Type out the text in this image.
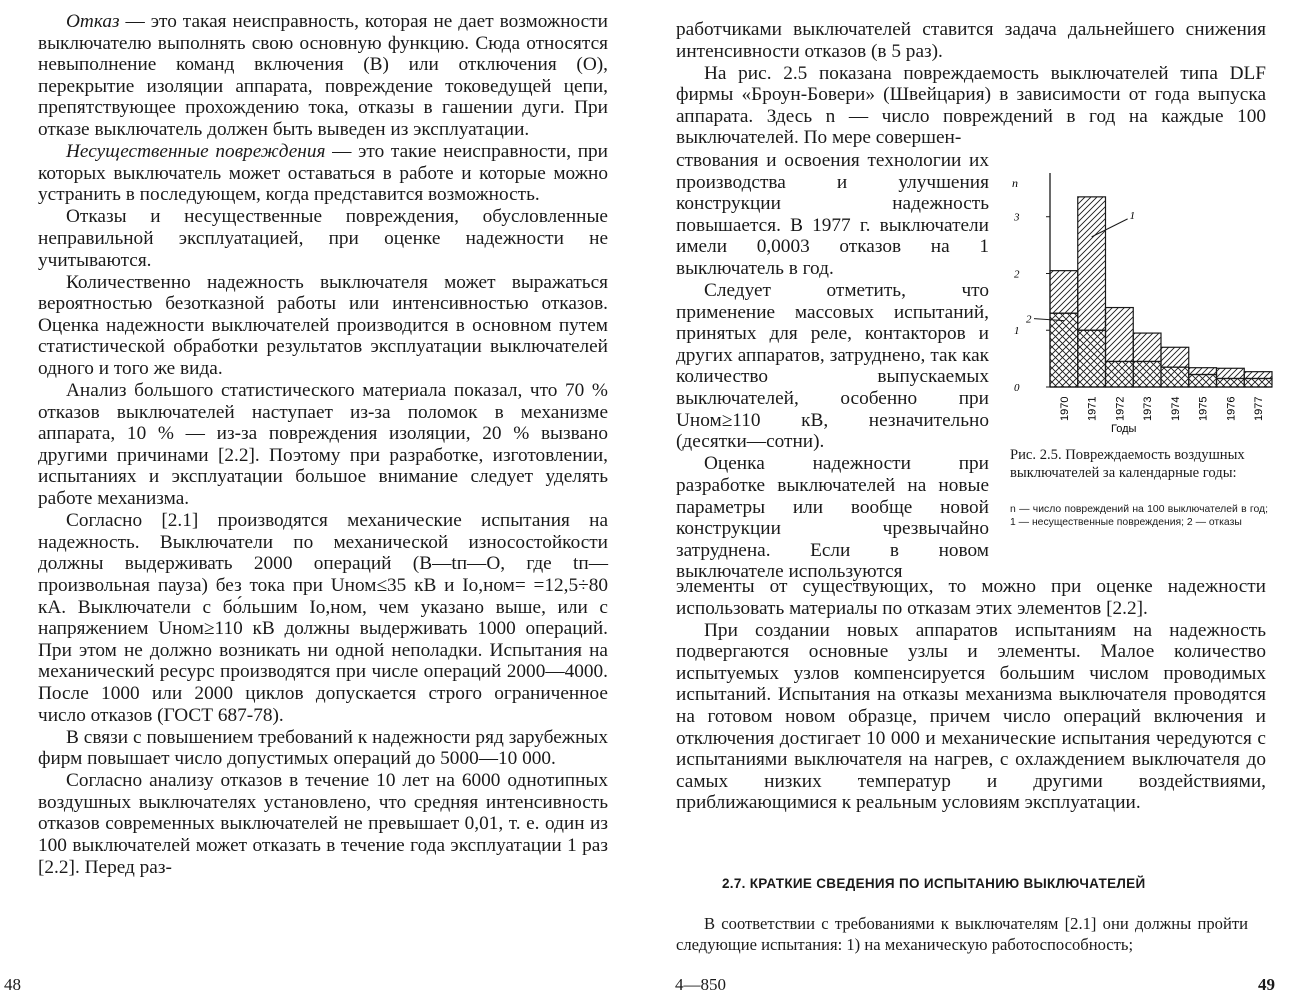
Отказ — это такая неисправность, которая не дает возможности выключателю выполнять свою основную функцию. Сюда относятся невыполнение команд включения (В) или отключения (О), перекрытие изоляции аппарата, повреждение токоведущей цепи, препятствующее прохождению тока, отказы в гашении дуги. При отказе выключатель должен быть выведен из эксплуатации.

Несущественные повреждения — это такие неисправности, при которых выключатель может оставаться в работе и которые можно устранить в последующем, когда представится возможность.

Отказы и несущественные повреждения, обусловленные неправильной эксплуатацией, при оценке надежности не учитываются.

Количественно надежность выключателя может выражаться вероятностью безотказной работы или интенсивностью отказов. Оценка надежности выключателей производится в основном путем статистической обработки результатов эксплуатации выключателей одного и того же вида.

Анализ большого статистического материала показал, что 70 % отказов выключателей наступает из-за поломок в механизме аппарата, 10 % — из-за повреждения изоляции, 20 % вызвано другими причинами [2.2]. Поэтому при разработке, изготовлении, испытаниях и эксплуатации большое внимание следует уделять работе механизма.

Согласно [2.1] производятся механические испытания на надежность. Выключатели по механической износостойкости должны выдерживать 2000 операций (В—tп—О, где tп— произвольная пауза) без тока при Uном≤35 кВ и Iо,ном= =12,5÷80 кА. Выключатели с бо́льшим Iо,ном, чем указано выше, или с напряжением Uном≥110 кВ должны выдерживать 1000 операций. При этом не должно возникать ни одной неполадки. Испытания на механический ресурс производятся при числе операций 2000—4000. После 1000 или 2000 циклов допускается строго ограниченное число отказов (ГОСТ 687-78).

В связи с повышением требований к надежности ряд зарубежных фирм повышает число допустимых операций до 5000—10 000.

Согласно анализу отказов в течение 10 лет на 6000 однотипных воздушных выключателях установлено, что средняя интенсивность отказов современных выключателей не превышает 0,01, т. е. один из 100 выключателей может отказать в течение года эксплуатации 1 раз [2.2]. Перед раз-

48

работчиками выключателей ставится задача дальнейшего снижения интенсивности отказов (в 5 раз).

На рис. 2.5 показана повреждаемость выключателей типа DLF фирмы «Броун-Бовери» (Швейцария) в зависимости от года выпуска аппарата. Здесь n — число повреждений в год на каждые 100 выключателей. По мере совершен-

ствования и освоения технологии их производства и улучшения конструкции надежность повышается. В 1977 г. выключатели имели 0,0003 отказов на 1 выключатель в год.

Следует отметить, что применение массовых испытаний, принятых для реле, контакторов и других аппаратов, затруднено, так как количество выпускаемых выключателей, особенно при Uном≥110 кВ, незначительно (десятки—сотни).

Оценка надежности при разработке выключателей на новые параметры или вообще новой конструкции чрезвычайно затруднена. Если в новом выключателе используются

элементы от существующих, то можно при оценке надежности использовать материалы по отказам этих элементов [2.2].

При создании новых аппаратов испытаниям на надежность подвергаются основные узлы и элементы. Малое количество испытуемых узлов компенсируется большим числом проводимых испытаний. Испытания на отказы механизма выключателя проводятся на готовом новом образце, причем число операций включения и отключения достигает 10 000 и механические испытания чередуются с испытаниями выключателя на нагрев, с охлаждением выключателя до самых низких температур и другими воздействиями, приближающимися к реальным условиям эксплуатации.

1970 1971 1972 1973 1974 1975 1976 1977
0
1
2
3
n
Годы
1
2

Рис. 2.5. Повреждаемость воздушных выключателей за календарные годы:

n — число повреждений на 100 выключателей в год; 1 — несущественные повреждения; 2 — отказы

2.7. КРАТКИЕ СВЕДЕНИЯ ПО ИСПЫТАНИЮ ВЫКЛЮЧАТЕЛЕЙ

В соответствии с требованиями к выключателям [2.1] они должны пройти следующие испытания: 1) на механическую работоспособность;

4—850	49
